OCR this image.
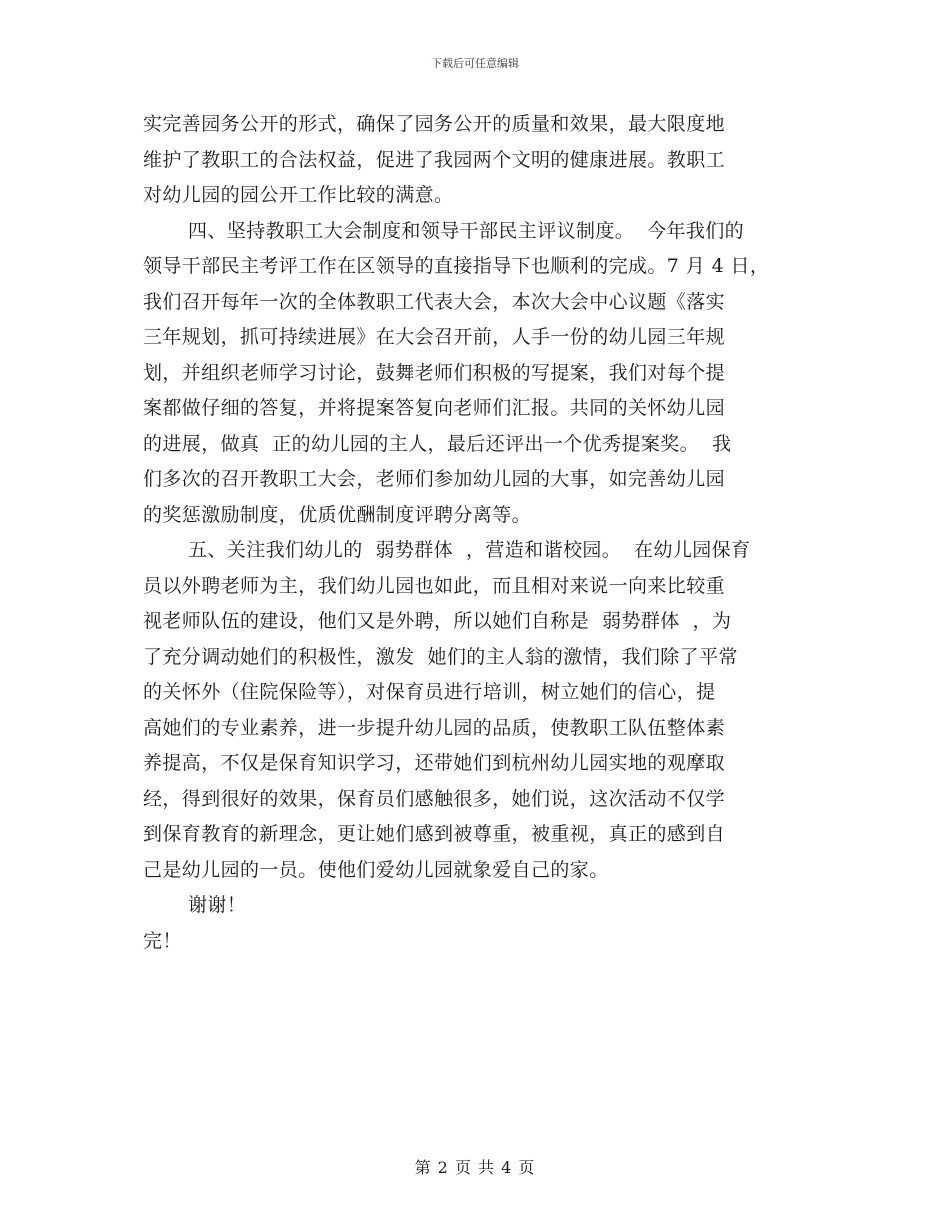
下载后可任意编辑
实完善园务公开的形式，确保了园务公开的质量和效果，最大限度地
维护了教职工的合法权益，促进了我园两个文明的健康进展。教职工
对幼儿园的园公开工作比较的满意。
四、坚持教职工大会制度和领导干部民主评议制度。  今年我们的
领导干部民主考评工作在区领导的直接指导下也顺利的完成。7 月 4 日，
我们召开每年一次的全体教职工代表大会，本次大会中心议题《落实
三年规划，抓可持续进展》在大会召开前，人手一份的幼儿园三年规
划，并组织老师学习讨论，鼓舞老师们积极的写提案，我们对每个提
案都做仔细的答复，并将提案答复向老师们汇报。共同的关怀幼儿园
的进展，做真  正的幼儿园的主人，最后还评出一个优秀提案奖。  我
们多次的召开教职工大会，老师们参加幼儿园的大事，如完善幼儿园
的奖惩激励制度，优质优酬制度评聘分离等。
五、关注我们幼儿的  弱势群体  ，营造和谐校园。  在幼儿园保育
员以外聘老师为主，我们幼儿园也如此，而且相对来说一向来比较重
视老师队伍的建设，他们又是外聘，所以她们自称是  弱势群体  ，为
了充分调动她们的积极性，激发  她们的主人翁的激情，我们除了平常
的关怀外（住院保险等），对保育员进行培训，树立她们的信心，提
高她们的专业素养，进一步提升幼儿园的品质，使教职工队伍整体素
养提高，不仅是保育知识学习，还带她们到杭州幼儿园实地的观摩取
经，得到很好的效果，保育员们感触很多，她们说，这次活动不仅学
到保育教育的新理念，更让她们感到被尊重，被重视，真正的感到自
己是幼儿园的一员。使他们爱幼儿园就象爱自己的家。
谢谢！
完！
第 2 页 共 4 页
